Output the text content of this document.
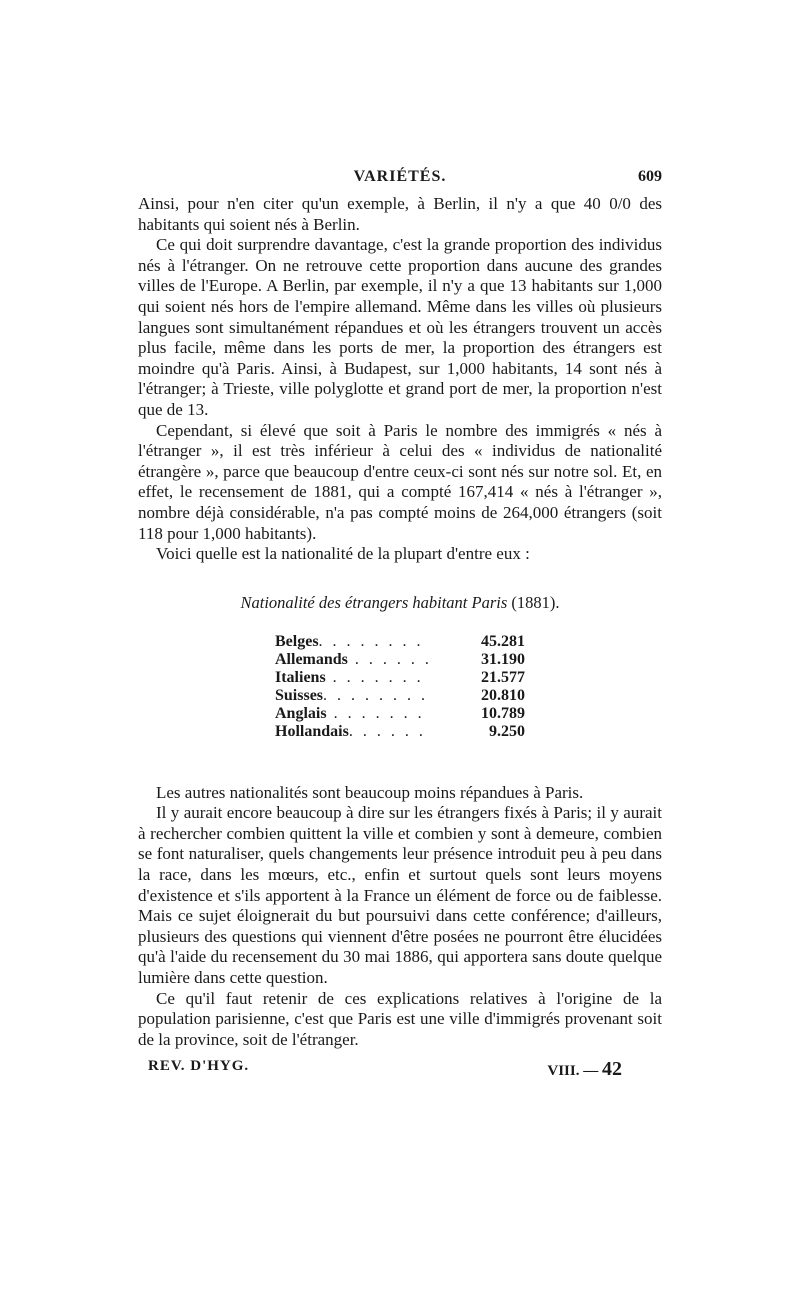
VARIÉTÉS.	609

Ainsi, pour n'en citer qu'un exemple, à Berlin, il n'y a que 40 0/0 des habitants qui soient nés à Berlin.

Ce qui doit surprendre davantage, c'est la grande proportion des individus nés à l'étranger. On ne retrouve cette proportion dans aucune des grandes villes de l'Europe. A Berlin, par exemple, il n'y a que 13 habitants sur 1,000 qui soient nés hors de l'empire allemand. Même dans les villes où plusieurs langues sont simultanément répandues et où les étrangers trouvent un accès plus facile, même dans les ports de mer, la proportion des étrangers est moindre qu'à Paris. Ainsi, à Budapest, sur 1,000 habitants, 14 sont nés à l'étranger; à Trieste, ville polyglotte et grand port de mer, la proportion n'est que de 13.

Cependant, si élevé que soit à Paris le nombre des immigrés « nés à l'étranger », il est très inférieur à celui des « individus de nationalité étrangère », parce que beaucoup d'entre ceux-ci sont nés sur notre sol. Et, en effet, le recensement de 1881, qui a compté 167,414 « nés à l'étranger », nombre déjà considérable, n'a pas compté moins de 264,000 étrangers (soit 118 pour 1,000 habitants).

Voici quelle est la nationalité de la plupart d'entre eux :

Nationalité des étrangers habitant Paris (1881).
Belges. . . . . . . .	45.281
Allemands . . . . . .	31.190
Italiens . . . . . . .	21.577
Suisses. . . . . . . .	20.810
Anglais . . . . . . .	10.789
Hollandais. . . . . .	9.250

Les autres nationalités sont beaucoup moins répandues à Paris.

Il y aurait encore beaucoup à dire sur les étrangers fixés à Paris; il y aurait à rechercher combien quittent la ville et combien y sont à demeure, combien se font naturaliser, quels changements leur présence introduit peu à peu dans la race, dans les mœurs, etc., enfin et surtout quels sont leurs moyens d'existence et s'ils apportent à la France un élément de force ou de faiblesse. Mais ce sujet éloignerait du but poursuivi dans cette conférence; d'ailleurs, plusieurs des questions qui viennent d'être posées ne pourront être élucidées qu'à l'aide du recensement du 30 mai 1886, qui apportera sans doute quelque lumière dans cette question.

Ce qu'il faut retenir de ces explications relatives à l'origine de la population parisienne, c'est que Paris est une ville d'immigrés provenant soit de la province, soit de l'étranger.

REV. D'HYG.	VIII. — 42
